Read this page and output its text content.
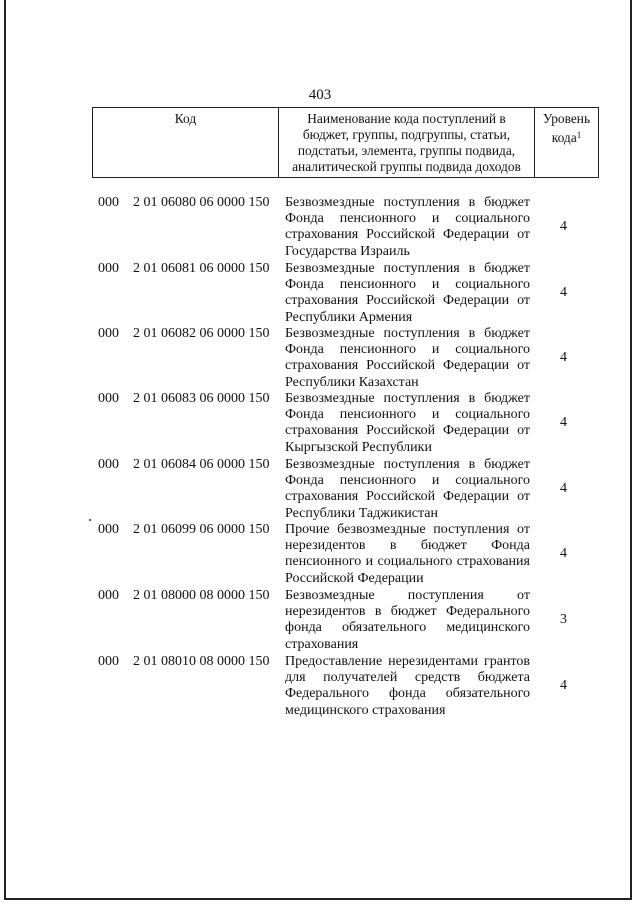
403
Код	Наименование кода поступлений в
бюджет, группы, подгруппы, статьи,
подстатьи, элемента, группы подвида,
аналитической группы подвида доходов
Уровень
кода$^1$
000 2 01 06080 06 0000 150 Безвозмездные поступления в бюджет
Фонда пенсионного и социального
страхования Российской Федерации от
Государства Израиль
4
000 2 01 06081 06 0000 150 Безвозмездные поступления в бюджет
Фонда пенсионного и социального
страхования Российской Федерации от
Республики Армения
4
000 2 01 06082 06 0000 150 Безвозмездные поступления в бюджет
Фонда пенсионного и социального
страхования Российской Федерации от
Республики Казахстан
4
000 2 01 06083 06 0000 150 Безвозмездные поступления в бюджет
Фонда пенсионного и социального
страхования Российской Федерации от
Кыргызской Республики
4
000 2 01 06084 06 0000 150 Безвозмездные поступления в бюджет
Фонда пенсионного и социального
страхования Российской Федерации от
Республики Таджикистан
4
000 2 01 06099 06 0000 150 Прочие безвозмездные поступления от
нерезидентов в бюджет Фонда
пенсионного и социального страхования
Российской Федерации
4
000 2 01 08000 08 0000 150 Безвозмездные поступления от
нерезидентов в бюджет Федерального
фонда обязательного медицинского
страхования
3
000 2 01 08010 08 0000 150 Предоставление нерезидентами грантов
для получателей средств бюджета
Федерального фонда обязательного
медицинского страхования
4
